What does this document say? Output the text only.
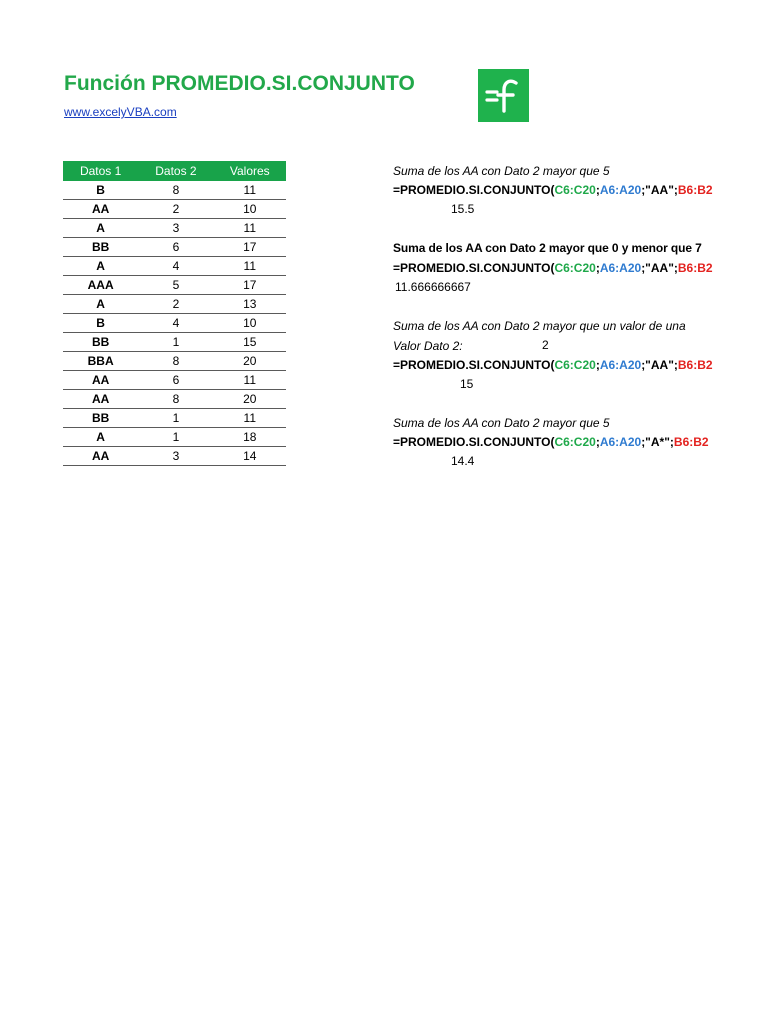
Función PROMEDIO.SI.CONJUNTO
www.excelyVBA.com
Datos 1	Datos 2	Valores
B	8	11
AA	2	10
A	3	11
BB	6	17
A	4	11
AAA	5	17
A	2	13
B	4	10
BB	1	15
BBA	8	20
AA	6	11
AA	8	20
BB	1	11
A	1	18
AA	3	14
Suma de los AA con Dato 2 mayor que 5
=PROMEDIO.SI.CONJUNTO(C6:C20;A6:A20;"AA";B6:B2
15.5
Suma de los AA con Dato 2 mayor que 0 y menor que 7
=PROMEDIO.SI.CONJUNTO(C6:C20;A6:A20;"AA";B6:B2
11.666666667
Suma de los AA con Dato 2 mayor que un valor de una
Valor Dato 2:	2
=PROMEDIO.SI.CONJUNTO(C6:C20;A6:A20;"AA";B6:B2
15
Suma de los AA con Dato 2 mayor que 5
=PROMEDIO.SI.CONJUNTO(C6:C20;A6:A20;"A*";B6:B2
14.4
